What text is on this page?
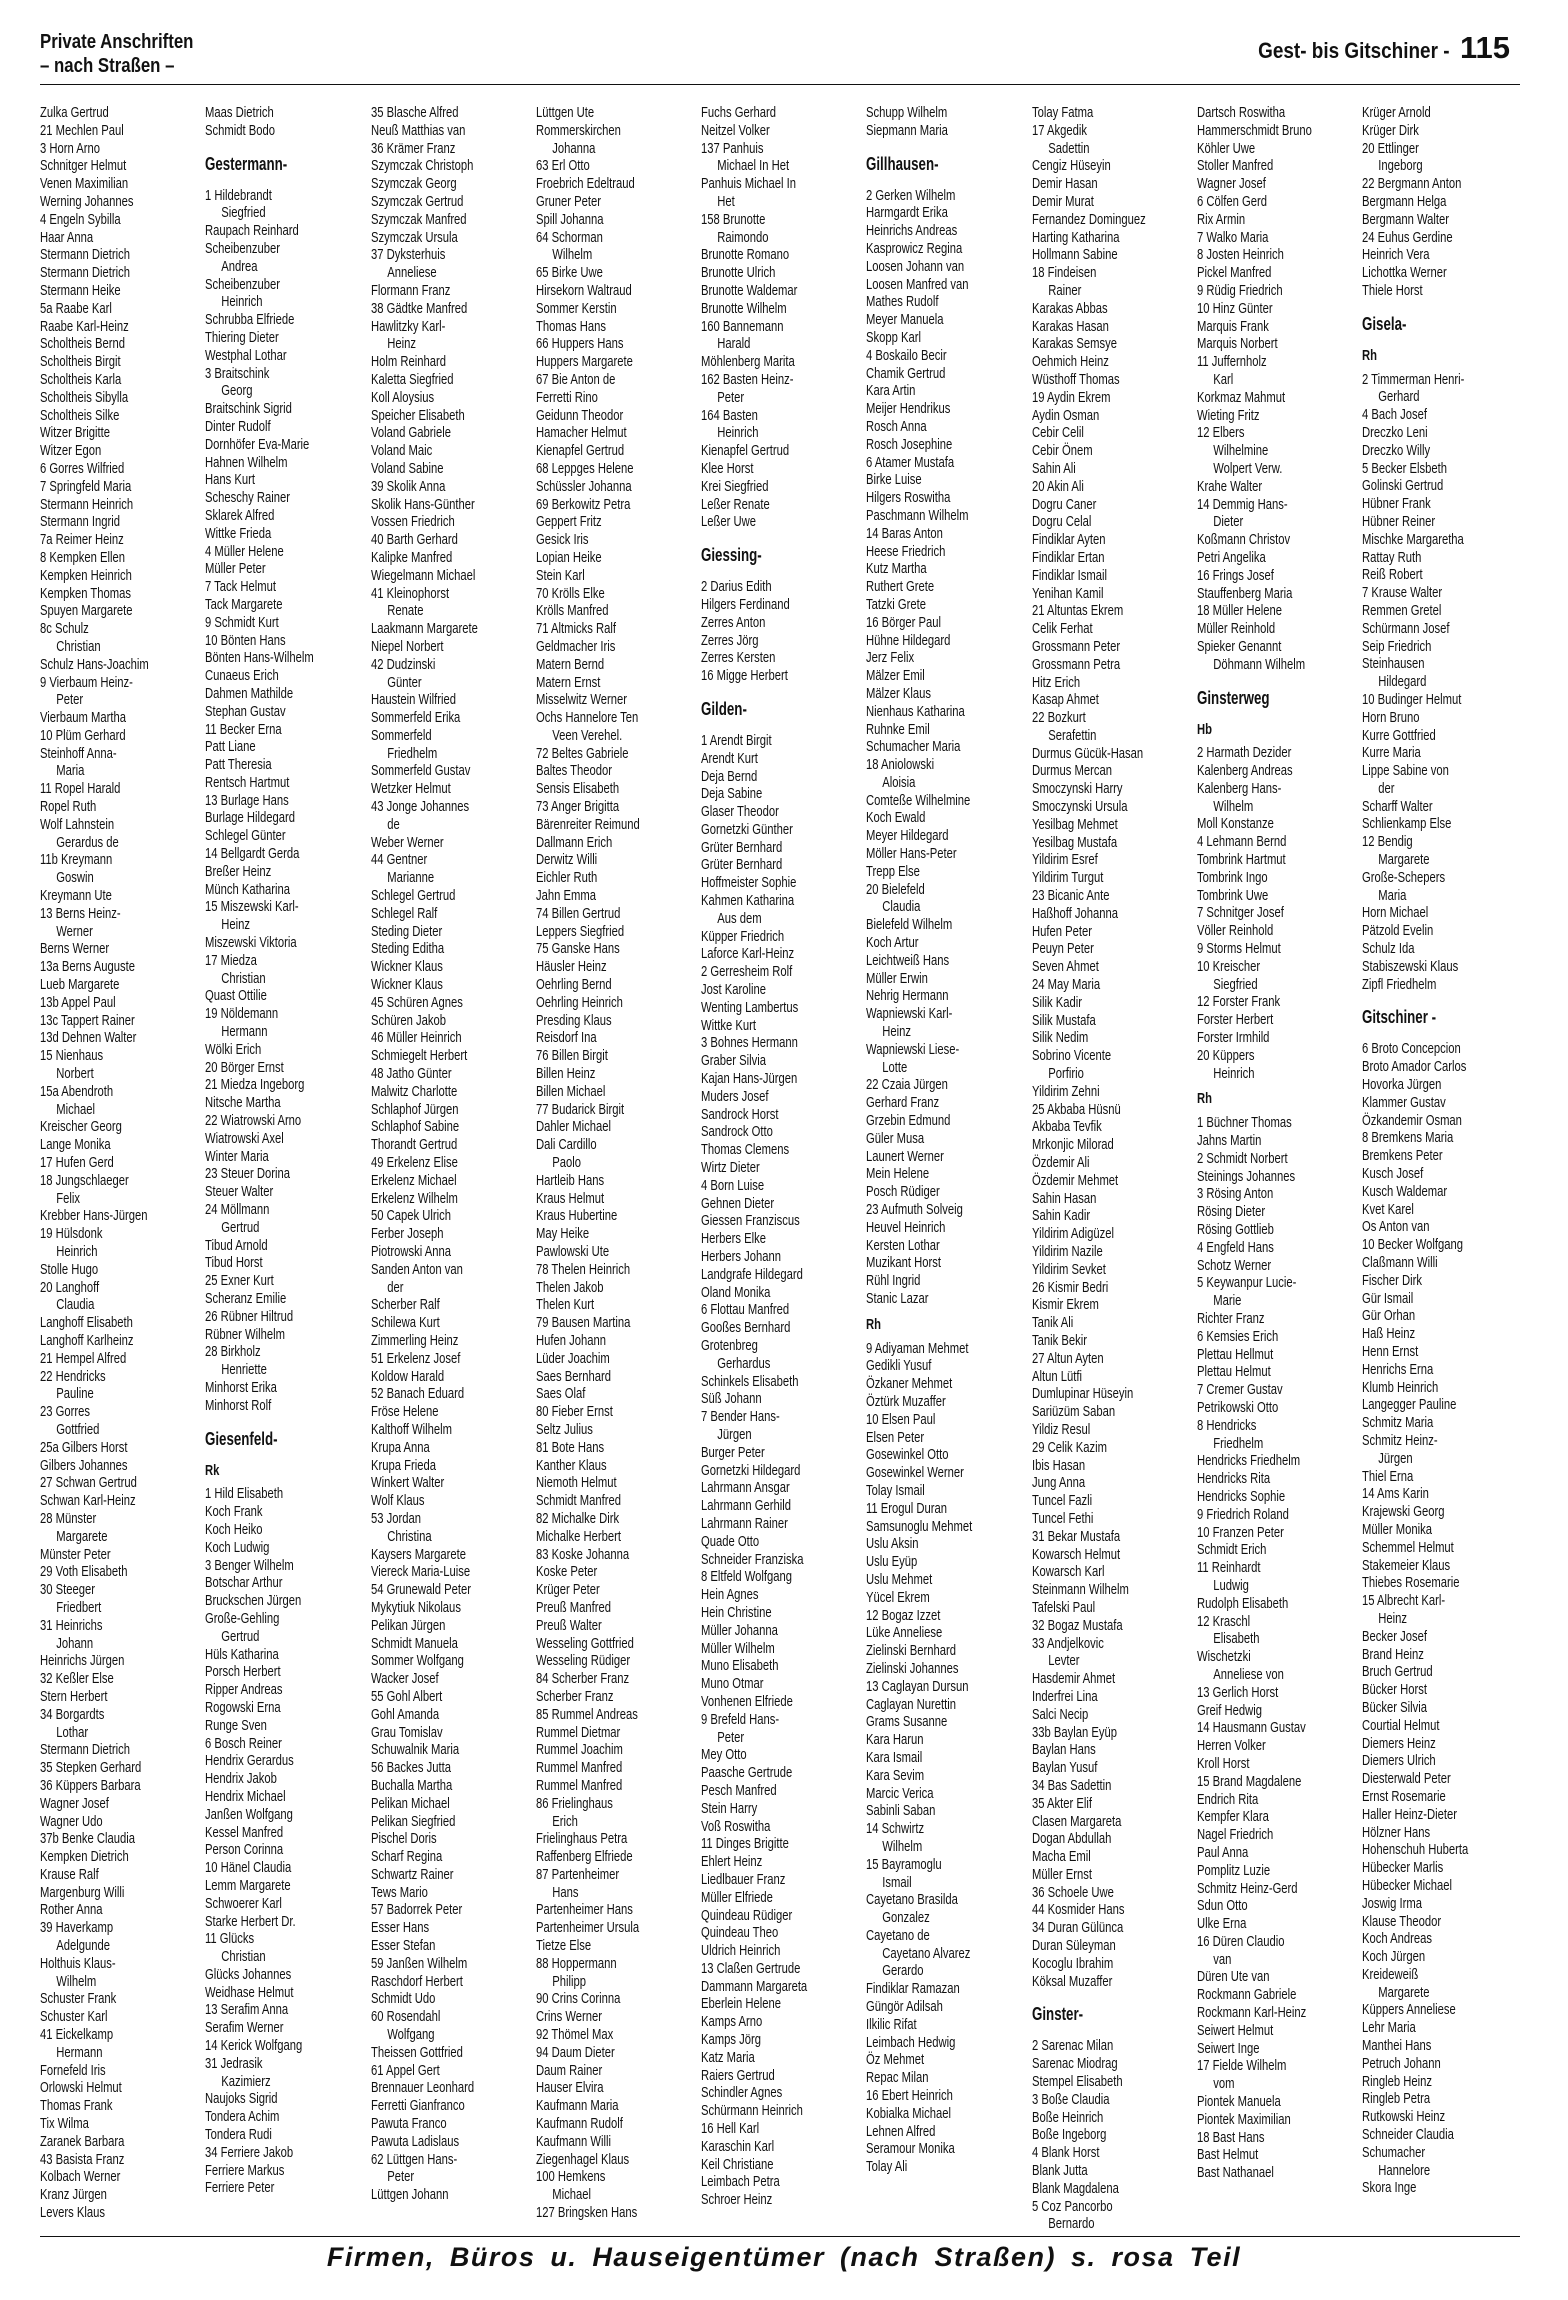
Private Anschriften
– nach Straßen –
Gest- bis Gitschiner - 115
Zulka Gertrud
21 Mechlen Paul
3 Horn Arno
Schnitger Helmut
Venen Maximilian
Werning Johannes
4 Engeln Sybilla
Haar Anna
Stermann Dietrich
Stermann Dietrich
Stermann Heike
5a Raabe Karl
Raabe Karl-Heinz
Scholtheis Bernd
Scholtheis Birgit
Scholtheis Karla
Scholtheis Sibylla
Scholtheis Silke
Witzer Brigitte
Witzer Egon
6 Gorres Wilfried
7 Springfeld Maria
Stermann Heinrich
Stermann Ingrid
7a Reimer Heinz
8 Kempken Ellen
Kempken Heinrich
Kempken Thomas
Spuyen Margarete
8c Schulz
Christian
Schulz Hans-Joachim
9 Vierbaum Heinz-
Peter
Vierbaum Martha
10 Plüm Gerhard
Steinhoff Anna-
Maria
11 Ropel Harald
Ropel Ruth
Wolf Lahnstein
Gerardus de
11b Kreymann
Goswin
Kreymann Ute
13 Berns Heinz-
Werner
Berns Werner
13a Berns Auguste
Lueb Margarete
13b Appel Paul
13c Tappert Rainer
13d Dehnen Walter
15 Nienhaus
Norbert
15a Abendroth
Michael
Kreischer Georg
Lange Monika
17 Hufen Gerd
18 Jungschlaeger
Felix
Krebber Hans-Jürgen
19 Hülsdonk
Heinrich
Stolle Hugo
20 Langhoff
Claudia
Langhoff Elisabeth
Langhoff Karlheinz
21 Hempel Alfred
22 Hendricks
Pauline
23 Gorres
Gottfried
25a Gilbers Horst
Gilbers Johannes
27 Schwan Gertrud
Schwan Karl-Heinz
28 Münster
Margarete
Münster Peter
29 Voth Elisabeth
30 Steeger
Friedbert
31 Heinrichs
Johann
Heinrichs Jürgen
32 Keßler Else
Stern Herbert
34 Borgardts
Lothar
Stermann Dietrich
35 Stepken Gerhard
36 Küppers Barbara
Wagner Josef
Wagner Udo
37b Benke Claudia
Kempken Dietrich
Krause Ralf
Margenburg Willi
Rother Anna
39 Haverkamp
Adelgunde
Holthuis Klaus-
Wilhelm
Schuster Frank
Schuster Karl
41 Eickelkamp
Hermann
Fornefeld Iris
Orlowski Helmut
Thomas Frank
Tix Wilma
Zaranek Barbara
43 Basista Franz
Kolbach Werner
Kranz Jürgen
Levers Klaus
Maas Dietrich
Schmidt Bodo
Gestermann-
1 Hildebrandt
Siegfried
Raupach Reinhard
Scheibenzuber
Andrea
Scheibenzuber
Heinrich
Schrubba Elfriede
Thiering Dieter
Westphal Lothar
3 Braitschink
Georg
Braitschink Sigrid
Dinter Rudolf
Dornhöfer Eva-Marie
Hahnen Wilhelm
Hans Kurt
Scheschy Rainer
Sklarek Alfred
Wittke Frieda
4 Müller Helene
Müller Peter
7 Tack Helmut
Tack Margarete
9 Schmidt Kurt
10 Bönten Hans
Bönten Hans-Wilhelm
Cunaeus Erich
Dahmen Mathilde
Stephan Gustav
11 Becker Erna
Patt Liane
Patt Theresia
Rentsch Hartmut
13 Burlage Hans
Burlage Hildegard
Schlegel Günter
14 Bellgardt Gerda
Breßer Heinz
Münch Katharina
15 Miszewski Karl-
Heinz
Miszewski Viktoria
17 Miedza
Christian
Quast Ottilie
19 Nöldemann
Hermann
Wölki Erich
20 Börger Ernst
21 Miedza Ingeborg
Nitsche Martha
22 Wiatrowski Arno
Wiatrowski Axel
Winter Maria
23 Steuer Dorina
Steuer Walter
24 Möllmann
Gertrud
Tibud Arnold
Tibud Horst
25 Exner Kurt
Scheranz Emilie
26 Rübner Hiltrud
Rübner Wilhelm
28 Birkholz
Henriette
Minhorst Erika
Minhorst Rolf
Giesenfeld-
Rk
1 Hild Elisabeth
Koch Frank
Koch Heiko
Koch Ludwig
3 Benger Wilhelm
Botschar Arthur
Bruckschen Jürgen
Große-Gehling
Gertrud
Hüls Katharina
Porsch Herbert
Ripper Andreas
Rogowski Erna
Runge Sven
6 Bosch Reiner
Hendrix Gerardus
Hendrix Jakob
Hendrix Michael
Janßen Wolfgang
Kessel Manfred
Person Corinna
10 Hänel Claudia
Lemm Margarete
Schwoerer Karl
Starke Herbert Dr.
11 Glücks
Christian
Glücks Johannes
Weidhase Helmut
13 Serafim Anna
Serafim Werner
14 Kerick Wolfgang
31 Jedrasik
Kazimierz
Naujoks Sigrid
Tondera Achim
Tondera Rudi
34 Ferriere Jakob
Ferriere Markus
Ferriere Peter
35 Blasche Alfred
Neuß Matthias van
36 Krämer Franz
Szymczak Christoph
Szymczak Georg
Szymczak Gertrud
Szymczak Manfred
Szymczak Ursula
37 Dyksterhuis
Anneliese
Flormann Franz
38 Gädtke Manfred
Hawlitzky Karl-
Heinz
Holm Reinhard
Kaletta Siegfried
Koll Aloysius
Speicher Elisabeth
Voland Gabriele
Voland Maic
Voland Sabine
39 Skolik Anna
Skolik Hans-Günther
Vossen Friedrich
40 Barth Gerhard
Kalipke Manfred
Wiegelmann Michael
41 Kleinophorst
Renate
Laakmann Margarete
Niepel Norbert
42 Dudzinski
Günter
Haustein Wilfried
Sommerfeld Erika
Sommerfeld
Friedhelm
Sommerfeld Gustav
Wetzker Helmut
43 Jonge Johannes
de
Weber Werner
44 Gentner
Marianne
Schlegel Gertrud
Schlegel Ralf
Steding Dieter
Steding Editha
Wickner Klaus
Wickner Klaus
45 Schüren Agnes
Schüren Jakob
46 Müller Heinrich
Schmiegelt Herbert
48 Jatho Günter
Malwitz Charlotte
Schlaphof Jürgen
Schlaphof Sabine
Thorandt Gertrud
49 Erkelenz Elise
Erkelenz Michael
Erkelenz Wilhelm
50 Capek Ulrich
Ferber Joseph
Piotrowski Anna
Sanden Anton van
der
Scherber Ralf
Schilewa Kurt
Zimmerling Heinz
51 Erkelenz Josef
Koldow Harald
52 Banach Eduard
Fröse Helene
Kalthoff Wilhelm
Krupa Anna
Krupa Frieda
Winkert Walter
Wolf Klaus
53 Jordan
Christina
Kaysers Margarete
Viereck Maria-Luise
54 Grunewald Peter
Mykytiuk Nikolaus
Pelikan Jürgen
Schmidt Manuela
Sommer Wolfgang
Wacker Josef
55 Gohl Albert
Gohl Amanda
Grau Tomislav
Schuwalnik Maria
56 Backes Jutta
Buchalla Martha
Pelikan Michael
Pelikan Siegfried
Pischel Doris
Scharf Regina
Schwartz Rainer
Tews Mario
57 Badorrek Peter
Esser Hans
Esser Stefan
59 Janßen Wilhelm
Raschdorf Herbert
Schmidt Udo
60 Rosendahl
Wolfgang
Theissen Gottfried
61 Appel Gert
Brennauer Leonhard
Ferretti Gianfranco
Pawuta Franco
Pawuta Ladislaus
62 Lüttgen Hans-
Peter
Lüttgen Johann
Lüttgen Ute
Rommerskirchen
Johanna
63 Erl Otto
Froebrich Edeltraud
Gruner Peter
Spill Johanna
64 Schorman
Wilhelm
65 Birke Uwe
Hirsekorn Waltraud
Sommer Kerstin
Thomas Hans
66 Huppers Hans
Huppers Margarete
67 Bie Anton de
Ferretti Rino
Geidunn Theodor
Hamacher Helmut
Kienapfel Gertrud
68 Leppges Helene
Schüssler Johanna
69 Berkowitz Petra
Geppert Fritz
Gesick Iris
Lopian Heike
Stein Karl
70 Krölls Elke
Krölls Manfred
71 Altmicks Ralf
Geldmacher Iris
Matern Bernd
Matern Ernst
Misselwitz Werner
Ochs Hannelore Ten
Veen Verehel.
72 Beltes Gabriele
Baltes Theodor
Sensis Elisabeth
73 Anger Brigitta
Bärenreiter Reimund
Dallmann Erich
Derwitz Willi
Eichler Ruth
Jahn Emma
74 Billen Gertrud
Leppers Siegfried
75 Ganske Hans
Häusler Heinz
Oehrling Bernd
Oehrling Heinrich
Presding Klaus
Reisdorf Ina
76 Billen Birgit
Billen Heinz
Billen Michael
77 Budarick Birgit
Dahler Michael
Dali Cardillo
Paolo
Hartleib Hans
Kraus Helmut
Kraus Hubertine
May Heike
Pawlowski Ute
78 Thelen Heinrich
Thelen Jakob
Thelen Kurt
79 Bausen Martina
Hufen Johann
Lüder Joachim
Saes Bernhard
Saes Olaf
80 Fieber Ernst
Seltz Julius
81 Bote Hans
Kanther Klaus
Niemoth Helmut
Schmidt Manfred
82 Michalke Dirk
Michalke Herbert
83 Koske Johanna
Koske Peter
Krüger Peter
Preuß Manfred
Preuß Walter
Wesseling Gottfried
Wesseling Rüdiger
84 Scherber Franz
Scherber Franz
85 Rummel Andreas
Rummel Dietmar
Rummel Joachim
Rummel Manfred
Rummel Manfred
86 Frielinghaus
Erich
Frielinghaus Petra
Raffenberg Elfriede
87 Partenheimer
Hans
Partenheimer Hans
Partenheimer Ursula
Tietze Else
88 Hoppermann
Philipp
90 Crins Corinna
Crins Werner
92 Thömel Max
94 Daum Dieter
Daum Rainer
Hauser Elvira
Kaufmann Maria
Kaufmann Rudolf
Kaufmann Willi
Ziegenhagel Klaus
100 Hemkens
Michael
127 Bringsken Hans
Fuchs Gerhard
Neitzel Volker
137 Panhuis
Michael In Het
Panhuis Michael In
Het
158 Brunotte
Raimondo
Brunotte Romano
Brunotte Ulrich
Brunotte Waldemar
Brunotte Wilhelm
160 Bannemann
Harald
Möhlenberg Marita
162 Basten Heinz-
Peter
164 Basten
Heinrich
Kienapfel Gertrud
Klee Horst
Krei Siegfried
Leßer Renate
Leßer Uwe
Giessing-
2 Darius Edith
Hilgers Ferdinand
Zerres Anton
Zerres Jörg
Zerres Kersten
16 Migge Herbert
Gilden-
1 Arendt Birgit
Arendt Kurt
Deja Bernd
Deja Sabine
Glaser Theodor
Gornetzki Günther
Grüter Bernhard
Grüter Bernhard
Hoffmeister Sophie
Kahmen Katharina
Aus dem
Küpper Friedrich
Laforce Karl-Heinz
2 Gerresheim Rolf
Jost Karoline
Wenting Lambertus
Wittke Kurt
3 Bohnes Hermann
Graber Silvia
Kajan Hans-Jürgen
Muders Josef
Sandrock Horst
Sandrock Otto
Thomas Clemens
Wirtz Dieter
4 Born Luise
Gehnen Dieter
Giessen Franziscus
Herbers Elke
Herbers Johann
Landgrafe Hildegard
Oland Monika
6 Flottau Manfred
Gooßes Bernhard
Grotenbreg
Gerhardus
Schinkels Elisabeth
Süß Johann
7 Bender Hans-
Jürgen
Burger Peter
Gornetzki Hildegard
Lahrmann Ansgar
Lahrmann Gerhild
Lahrmann Rainer
Quade Otto
Schneider Franziska
8 Eltfeld Wolfgang
Hein Agnes
Hein Christine
Müller Johanna
Müller Wilhelm
Muno Elisabeth
Muno Otmar
Vonhenen Elfriede
9 Brefeld Hans-
Peter
Mey Otto
Paasche Gertrude
Pesch Manfred
Stein Harry
Voß Roswitha
11 Dinges Brigitte
Ehlert Heinz
Liedlbauer Franz
Müller Elfriede
Quindeau Rüdiger
Quindeau Theo
Uldrich Heinrich
13 Claßen Gertrude
Dammann Margareta
Eberlein Helene
Kamps Arno
Kamps Jörg
Katz Maria
Raiers Gertrud
Schindler Agnes
Schürmann Heinrich
16 Hell Karl
Karaschin Karl
Keil Christiane
Leimbach Petra
Schroer Heinz
Schupp Wilhelm
Siepmann Maria
Gillhausen-
2 Gerken Wilhelm
Harmgardt Erika
Heinrichs Andreas
Kasprowicz Regina
Loosen Johann van
Loosen Manfred van
Mathes Rudolf
Meyer Manuela
Skopp Karl
4 Boskailo Becir
Chamik Gertrud
Kara Artin
Meijer Hendrikus
Rosch Anna
Rosch Josephine
6 Atamer Mustafa
Birke Luise
Hilgers Roswitha
Paschmann Wilhelm
14 Baras Anton
Heese Friedrich
Kutz Martha
Ruthert Grete
Tatzki Grete
16 Börger Paul
Hühne Hildegard
Jerz Felix
Mälzer Emil
Mälzer Klaus
Nienhaus Katharina
Ruhnke Emil
Schumacher Maria
18 Aniolowski
Aloisia
Comteße Wilhelmine
Koch Ewald
Meyer Hildegard
Möller Hans-Peter
Trepp Else
20 Bielefeld
Claudia
Bielefeld Wilhelm
Koch Artur
Leichtweiß Hans
Müller Erwin
Nehrig Hermann
Wapniewski Karl-
Heinz
Wapniewski Liese-
Lotte
22 Czaia Jürgen
Gerhard Franz
Grzebin Edmund
Güler Musa
Launert Werner
Mein Helene
Posch Rüdiger
23 Aufmuth Solveig
Heuvel Heinrich
Kersten Lothar
Muzikant Horst
Rühl Ingrid
Stanic Lazar
Rh
9 Adiyaman Mehmet
Gedikli Yusuf
Özkaner Mehmet
Öztürk Muzaffer
10 Elsen Paul
Elsen Peter
Gosewinkel Otto
Gosewinkel Werner
Tolay Ismail
11 Erogul Duran
Samsunoglu Mehmet
Uslu Aksin
Uslu Eyüp
Uslu Mehmet
Yücel Ekrem
12 Bogaz Izzet
Lüke Anneliese
Zielinski Bernhard
Zielinski Johannes
13 Caglayan Dursun
Caglayan Nurettin
Grams Susanne
Kara Harun
Kara Ismail
Kara Sevim
Marcic Verica
Sabinli Saban
14 Schwirtz
Wilhelm
15 Bayramoglu
Ismail
Cayetano Brasilda
Gonzalez
Cayetano de
Cayetano Alvarez
Gerardo
Findiklar Ramazan
Güngör Adilsah
Ilkilic Rifat
Leimbach Hedwig
Öz Mehmet
Repac Milan
16 Ebert Heinrich
Kobialka Michael
Lehnen Alfred
Seramour Monika
Tolay Ali
Tolay Fatma
17 Akgedik
Sadettin
Cengiz Hüseyin
Demir Hasan
Demir Murat
Fernandez Dominguez
Harting Katharina
Hollmann Sabine
18 Findeisen
Rainer
Karakas Abbas
Karakas Hasan
Karakas Semsye
Oehmich Heinz
Wüsthoff Thomas
19 Aydin Ekrem
Aydin Osman
Cebir Celil
Cebir Önem
Sahin Ali
20 Akin Ali
Dogru Caner
Dogru Celal
Findiklar Ayten
Findiklar Ertan
Findiklar Ismail
Yenihan Kamil
21 Altuntas Ekrem
Celik Ferhat
Grossmann Peter
Grossmann Petra
Hitz Erich
Kasap Ahmet
22 Bozkurt
Serafettin
Durmus Gücük-Hasan
Durmus Mercan
Smoczynski Harry
Smoczynski Ursula
Yesilbag Mehmet
Yesilbag Mustafa
Yildirim Esref
Yildirim Turgut
23 Bicanic Ante
Haßhoff Johanna
Hufen Peter
Peuyn Peter
Seven Ahmet
24 May Maria
Silik Kadir
Silik Mustafa
Silik Nedim
Sobrino Vicente
Porfirio
Yildirim Zehni
25 Akbaba Hüsnü
Akbaba Tevfik
Mrkonjic Milorad
Özdemir Ali
Özdemir Mehmet
Sahin Hasan
Sahin Kadir
Yildirim Adigüzel
Yildirim Nazile
Yildirim Sevket
26 Kismir Bedri
Kismir Ekrem
Tanik Ali
Tanik Bekir
27 Altun Ayten
Altun Lütfi
Dumlupinar Hüseyin
Sariüzüm Saban
Yildiz Resul
29 Celik Kazim
Ibis Hasan
Jung Anna
Tuncel Fazli
Tuncel Fethi
31 Bekar Mustafa
Kowarsch Helmut
Kowarsch Karl
Steinmann Wilhelm
Tafelski Paul
32 Bogaz Mustafa
33 Andjelkovic
Levter
Hasdemir Ahmet
Inderfrei Lina
Salci Necip
33b Baylan Eyüp
Baylan Hans
Baylan Yusuf
34 Bas Sadettin
35 Akter Elif
Clasen Margareta
Dogan Abdullah
Macha Emil
Müller Ernst
36 Schoele Uwe
44 Kosmider Hans
34 Duran Gülünca
Duran Süleyman
Kocoglu Ibrahim
Köksal Muzaffer
Ginster-
2 Sarenac Milan
Sarenac Miodrag
Stempel Elisabeth
3 Boße Claudia
Boße Heinrich
Boße Ingeborg
4 Blank Horst
Blank Jutta
Blank Magdalena
5 Coz Pancorbo
Bernardo
Dartsch Roswitha
Hammerschmidt Bruno
Köhler Uwe
Stoller Manfred
Wagner Josef
6 Cölfen Gerd
Rix Armin
7 Walko Maria
8 Josten Heinrich
Pickel Manfred
9 Rüdig Friedrich
10 Hinz Günter
Marquis Frank
Marquis Norbert
11 Juffernholz
Karl
Korkmaz Mahmut
Wieting Fritz
12 Elbers
Wilhelmine
Wolpert Verw.
Krahe Walter
14 Demmig Hans-
Dieter
Koßmann Christov
Petri Angelika
16 Frings Josef
Stauffenberg Maria
18 Müller Helene
Müller Reinhold
Spieker Genannt
Döhmann Wilhelm
Ginsterweg
Hb
2 Harmath Dezider
Kalenberg Andreas
Kalenberg Hans-
Wilhelm
Moll Konstanze
4 Lehmann Bernd
Tombrink Hartmut
Tombrink Ingo
Tombrink Uwe
7 Schnitger Josef
Völler Reinhold
9 Storms Helmut
10 Kreischer
Siegfried
12 Forster Frank
Forster Herbert
Forster Irmhild
20 Küppers
Heinrich
Rh
1 Büchner Thomas
Jahns Martin
2 Schmidt Norbert
Steinings Johannes
3 Rösing Anton
Rösing Dieter
Rösing Gottlieb
4 Engfeld Hans
Schotz Werner
5 Keywanpur Lucie-
Marie
Richter Franz
6 Kemsies Erich
Plettau Hellmut
Plettau Helmut
7 Cremer Gustav
Petrikowski Otto
8 Hendricks
Friedhelm
Hendricks Friedhelm
Hendricks Rita
Hendricks Sophie
9 Friedrich Roland
10 Franzen Peter
Schmidt Erich
11 Reinhardt
Ludwig
Rudolph Elisabeth
12 Kraschl
Elisabeth
Wischetzki
Anneliese von
13 Gerlich Horst
Greif Hedwig
14 Hausmann Gustav
Herren Volker
Kroll Horst
15 Brand Magdalene
Endrich Rita
Kempfer Klara
Nagel Friedrich
Paul Anna
Pomplitz Luzie
Schmitz Heinz-Gerd
Sdun Otto
Ulke Erna
16 Düren Claudio
van
Düren Ute van
Rockmann Gabriele
Rockmann Karl-Heinz
Seiwert Helmut
Seiwert Inge
17 Fielde Wilhelm
vom
Piontek Manuela
Piontek Maximilian
18 Bast Hans
Bast Helmut
Bast Nathanael
Krüger Arnold
Krüger Dirk
20 Ettlinger
Ingeborg
22 Bergmann Anton
Bergmann Helga
Bergmann Walter
24 Euhus Gerdine
Heinrich Vera
Lichottka Werner
Thiele Horst
Gisela-
Rh
2 Timmerman Henri-
Gerhard
4 Bach Josef
Dreczko Leni
Dreczko Willy
5 Becker Elsbeth
Golinski Gertrud
Hübner Frank
Hübner Reiner
Mischke Margaretha
Rattay Ruth
Reiß Robert
7 Krause Walter
Remmen Gretel
Schürmann Josef
Seip Friedrich
Steinhausen
Hildegard
10 Budinger Helmut
Horn Bruno
Kurre Gottfried
Kurre Maria
Lippe Sabine von
der
Scharff Walter
Schlienkamp Else
12 Bendig
Margarete
Große-Schepers
Maria
Horn Michael
Pätzold Evelin
Schulz Ida
Stabiszewski Klaus
Zipfl Friedhelm
Gitschiner -
6 Broto Concepcion
Broto Amador Carlos
Hovorka Jürgen
Klammer Gustav
Özkandemir Osman
8 Bremkens Maria
Bremkens Peter
Kusch Josef
Kusch Waldemar
Kvet Karel
Os Anton van
10 Becker Wolfgang
Claßmann Willi
Fischer Dirk
Gür Ismail
Gür Orhan
Haß Heinz
Henn Ernst
Henrichs Erna
Klumb Heinrich
Langegger Pauline
Schmitz Maria
Schmitz Heinz-
Jürgen
Thiel Erna
14 Ams Karin
Krajewski Georg
Müller Monika
Schemmel Helmut
Stakemeier Klaus
Thiebes Rosemarie
15 Albrecht Karl-
Heinz
Becker Josef
Brand Heinz
Bruch Gertrud
Bücker Horst
Bücker Silvia
Courtial Helmut
Diemers Heinz
Diemers Ulrich
Diesterwald Peter
Ernst Rosemarie
Haller Heinz-Dieter
Hölzner Hans
Hohenschuh Huberta
Hübecker Marlis
Hübecker Michael
Joswig Irma
Klause Theodor
Koch Andreas
Koch Jürgen
Kreideweiß
Margarete
Küppers Anneliese
Lehr Maria
Manthei Hans
Petruch Johann
Ringleb Heinz
Ringleb Petra
Rutkowski Heinz
Schneider Claudia
Schumacher
Hannelore
Skora Inge
Firmen, Büros u. Hauseigentümer (nach Straßen) s. rosa Teil
